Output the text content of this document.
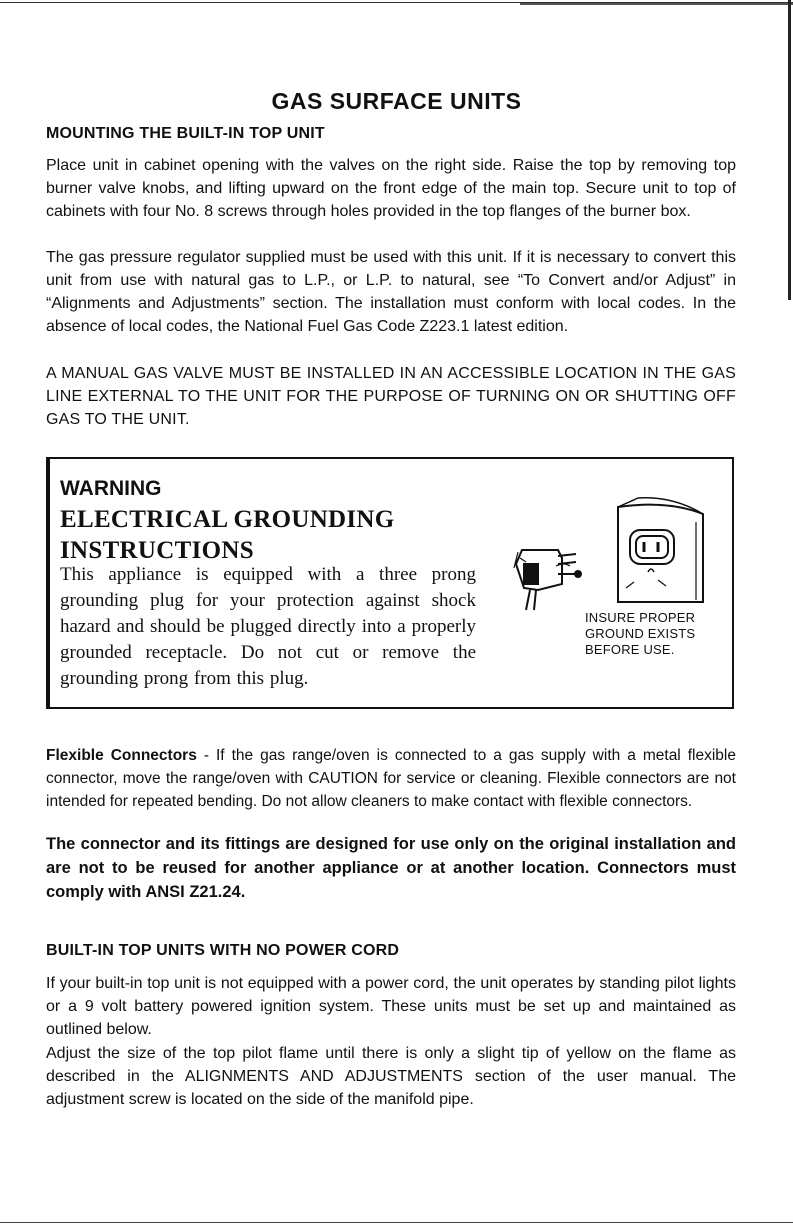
GAS SURFACE UNITS
MOUNTING THE BUILT-IN TOP UNIT
Place unit in cabinet opening with the valves on the right side. Raise the top by removing top burner valve knobs, and lifting upward on the front edge of the main top. Secure unit to top of cabinets with four No. 8 screws through holes provided in the top flanges of the burner box.
The gas pressure regulator supplied must be used with this unit. If it is necessary to convert this unit from use with natural gas to L.P., or L.P. to natural, see “To Convert and/or Adjust” in “Alignments and Adjustments” section. The installation must conform with local codes. In the absence of local codes, the National Fuel Gas Code Z223.1 latest edition.
A MANUAL GAS VALVE MUST BE INSTALLED IN AN ACCESSIBLE LOCATION IN THE GAS LINE EXTERNAL TO THE UNIT FOR THE PURPOSE OF TURNING ON OR SHUTTING OFF GAS TO THE UNIT.
WARNING
ELECTRICAL GROUNDING INSTRUCTIONS
This appliance is equipped with a three prong grounding plug for your protection against shock hazard and should be plugged directly into a properly grounded receptacle. Do not cut or remove the grounding prong from this plug.
INSURE PROPER GROUND EXISTS BEFORE USE.
Flexible Connectors - If the gas range/oven is connected to a gas supply with a metal flexible connector, move the range/oven with CAUTION for service or cleaning. Flexible connectors are not intended for repeated bending. Do not allow cleaners to make contact with flexible connectors.
The connector and its fittings are designed for use only on the original installation and are not to be reused for another appliance or at another location. Connectors must comply with ANSI Z21.24.
BUILT-IN TOP UNITS WITH NO POWER CORD
If your built-in top unit is not equipped with a power cord, the unit operates by standing pilot lights or a 9 volt battery powered ignition system. These units must be set up and maintained as outlined below.
Adjust the size of the top pilot flame until there is only a slight tip of yellow on the flame as described in the ALIGNMENTS AND ADJUSTMENTS section of the user manual. The adjustment screw is located on the side of the manifold pipe.
